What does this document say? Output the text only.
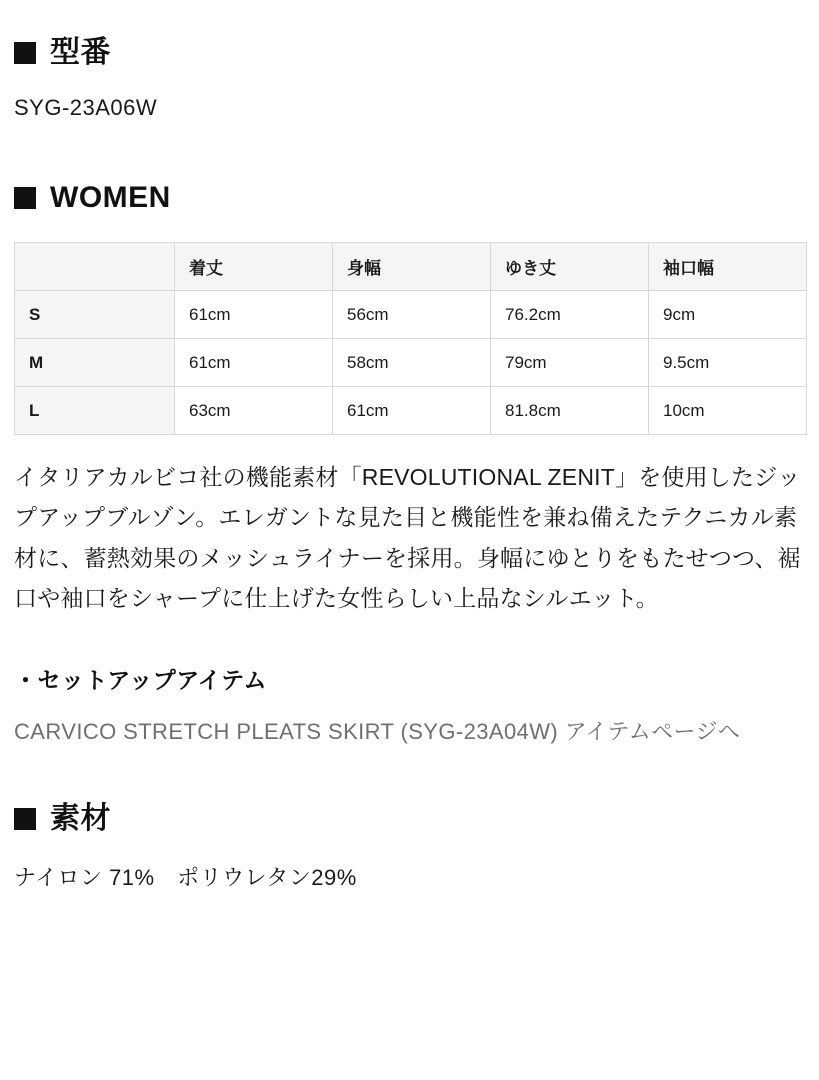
型番
SYG-23A06W
WOMEN
	着丈	身幅	ゆき丈	袖口幅
S	61cm	56cm	76.2cm	9cm
M	61cm	58cm	79cm	9.5cm
L	63cm	61cm	81.8cm	10cm

イタリアカルビコ社の機能素材「REVOLUTIONAL ZENIT」を使用したジップアップブルゾン。エレガントな見た目と機能性を兼ね備えたテクニカル素材に、蓄熱効果のメッシュライナーを採用。身幅にゆとりをもたせつつ、裾口や袖口をシャープに仕上げた女性らしい上品なシルエット。

・セットアップアイテム
CARVICO STRETCH PLEATS SKIRT (SYG-23A04W) アイテムページへ
素材
ナイロン 71%　ポリウレタン29%
